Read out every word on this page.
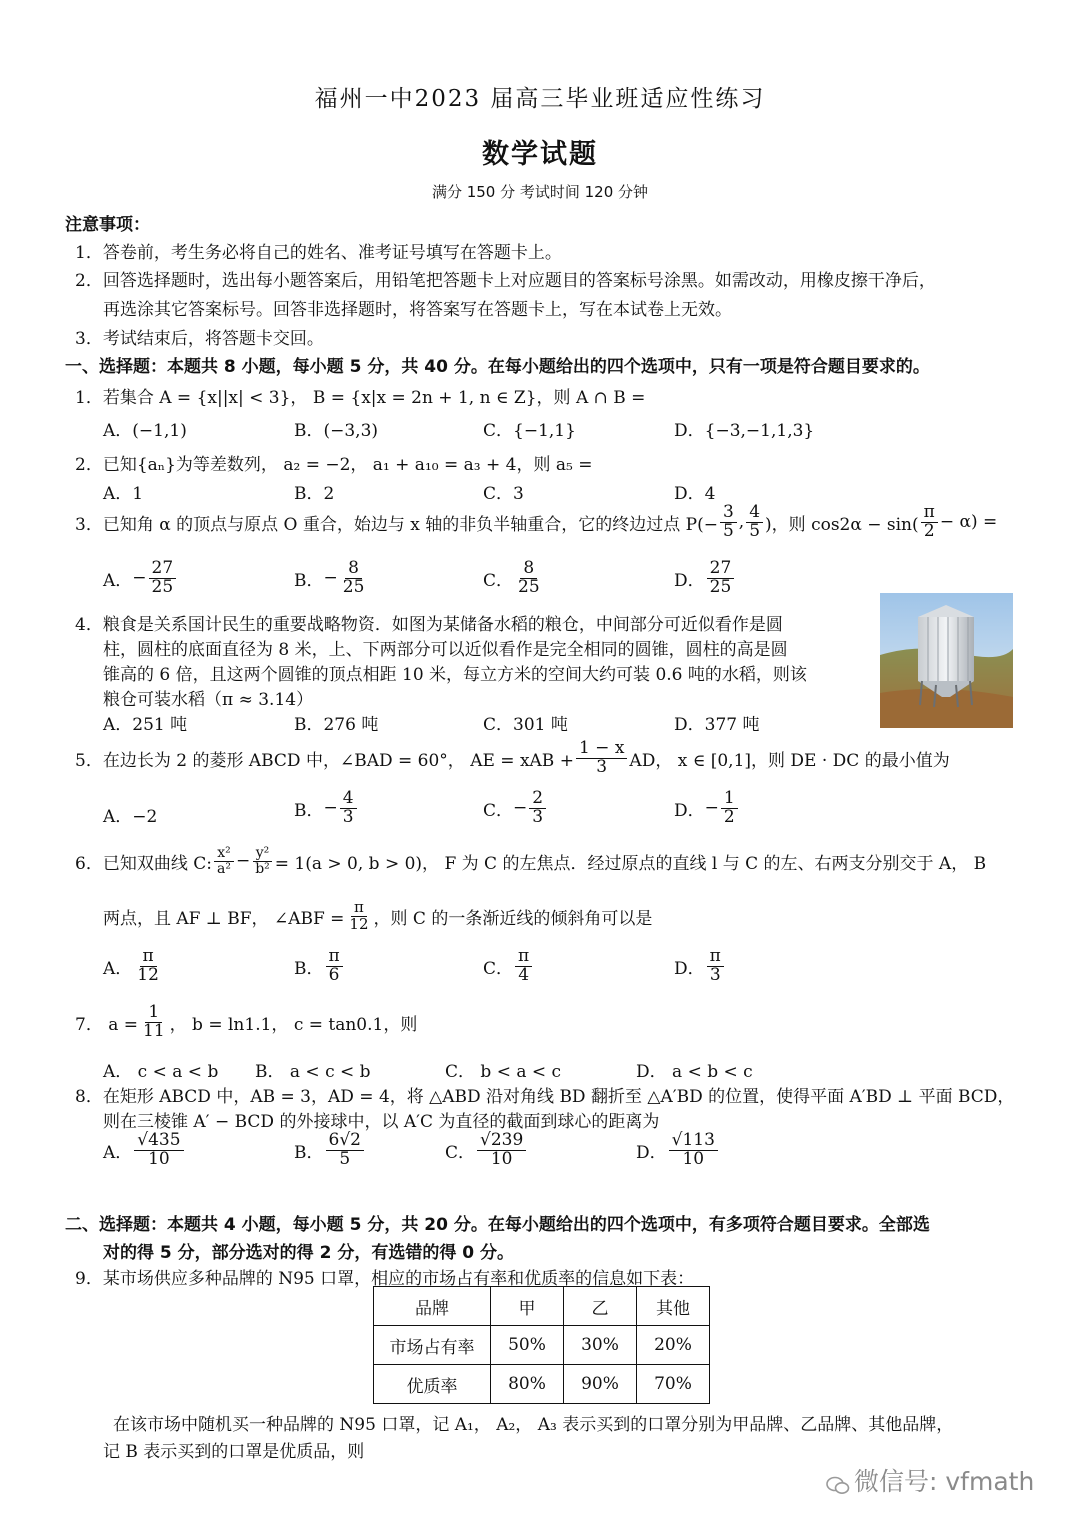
福州一中2023 届高三毕业班适应性练习
数学试题
满分 150 分 考试时间 120 分钟
注意事项：
1．答卷前，考生务必将自己的姓名、准考证号填写在答题卡上。
2．回答选择题时，选出每小题答案后，用铅笔把答题卡上对应题目的答案标号涂黑。如需改动，用橡皮擦干净后，
再选涂其它答案标号。回答非选择题时，将答案写在答题卡上，写在本试卷上无效。
3．考试结束后，将答题卡交回。
一、选择题：本题共 8 小题，每小题 5 分，共 40 分。在每小题给出的四个选项中，只有一项是符合题目要求的。
1．若集合 A = {x||x| < 3}， B = {x|x = 2n + 1, n ∈ Z}，则 A ∩ B =
A．(−1,1)	B．(−3,3)	C．{−1,1}	D．{−3,−1,1,3}
2．已知{aₙ}为等差数列， a₂ = −2， a₁ + a₁₀ = a₃ + 4，则 a₅ =
A．1	B．2	C．3	D．4
3．已知角 α 的顶点与原点 O 重合，始边与 x 轴的非负半轴重合，它的终边过点 $P(- \frac{3}{5}$ , $\frac{4}{5}$ )，则 $\cos 2\alpha - \sin( \frac{\pi}{2} - \alpha)$ =
A． − $\frac{27}{25}$	B． − $\frac{8}{25}$	C． $\frac{8}{25}$	D． $\frac{27}{25}$
4．粮食是关系国计民生的重要战略物资．如图为某储备水稻的粮仓，中间部分可近似看作是圆
柱，圆柱的底面直径为 8 米，上、下两部分可以近似看作是完全相同的圆锥，圆柱的高是圆
锥高的 6 倍，且这两个圆锥的顶点相距 10 米，每立方米的空间大约可装 0.6 吨的水稻，则该
粮仓可装水稻（π ≈ 3.14）
A．251 吨	B．276 吨	C．301 吨	D．377 吨
5．在边长为 2 的菱形 ABCD 中，∠BAD = 60°， AE = xAB + $\frac{1 - x}{3}$ AD， x ∈ [0,1]，则 DE · DC 的最小值为
A．−2	B． − $\frac{4}{3}$	C． − $\frac{2}{3}$	D． − $\frac{1}{2}$
6．已知双曲线 C: $\frac{\text{x²}}{\text{a²}} - \frac{\text{y²}}{\text{b²}} = 1(a > 0$, b > 0)， F 为 C 的左焦点．经过原点的直线 l 与 C 的左、右两支分别交于 A， B
两点，且 AF ⊥ BF， ∠ABF = $\frac{\pi}{12}$ ，则 C 的一条渐近线的倾斜角可以是
A． $\frac{\pi}{12}$	B． $\frac{\pi}{6}$	C． $\frac{\pi}{4}$	D． $\frac{\pi}{3}$
7． $a = \frac{1}{11}$ ， b = ln1.1， c = tan0.1，则
A． c < a < b B． a < c < b	C． b < a < c	D． a < b < c
8．在矩形 ABCD 中，AB = 3，AD = 4，将 △ABD 沿对角线 BD 翻折至 △A′BD 的位置，使得平面 A′BD ⊥ 平面 BCD，
则在三棱锥 A′ − BCD 的外接球中，以 A′C 为直径的截面到球心的距离为
A． $\frac{√435}{10}$	B． $\frac{6√2}{5}$	C． $\frac{√239}{10}$	D． $\frac{√113}{10}$
二、选择题：本题共 4 小题，每小题 5 分，共 20 分。在每小题给出的四个选项中，有多项符合题目要求。全部选
对的得 5 分，部分选对的得 2 分，有选错的得 0 分。
9．某市场供应多种品牌的 N95 口罩，相应的市场占有率和优质率的信息如下表：
品牌	甲	乙	其他
市场占有率	50%	30%	20%
优质率	80%	90%	70%
在该市场中随机买一种品牌的 N95 口罩，记 A₁， A₂， A₃ 表示买到的口罩分别为甲品牌、乙品牌、其他品牌，
记 B 表示买到的口罩是优质品，则
微信号: vfmath
